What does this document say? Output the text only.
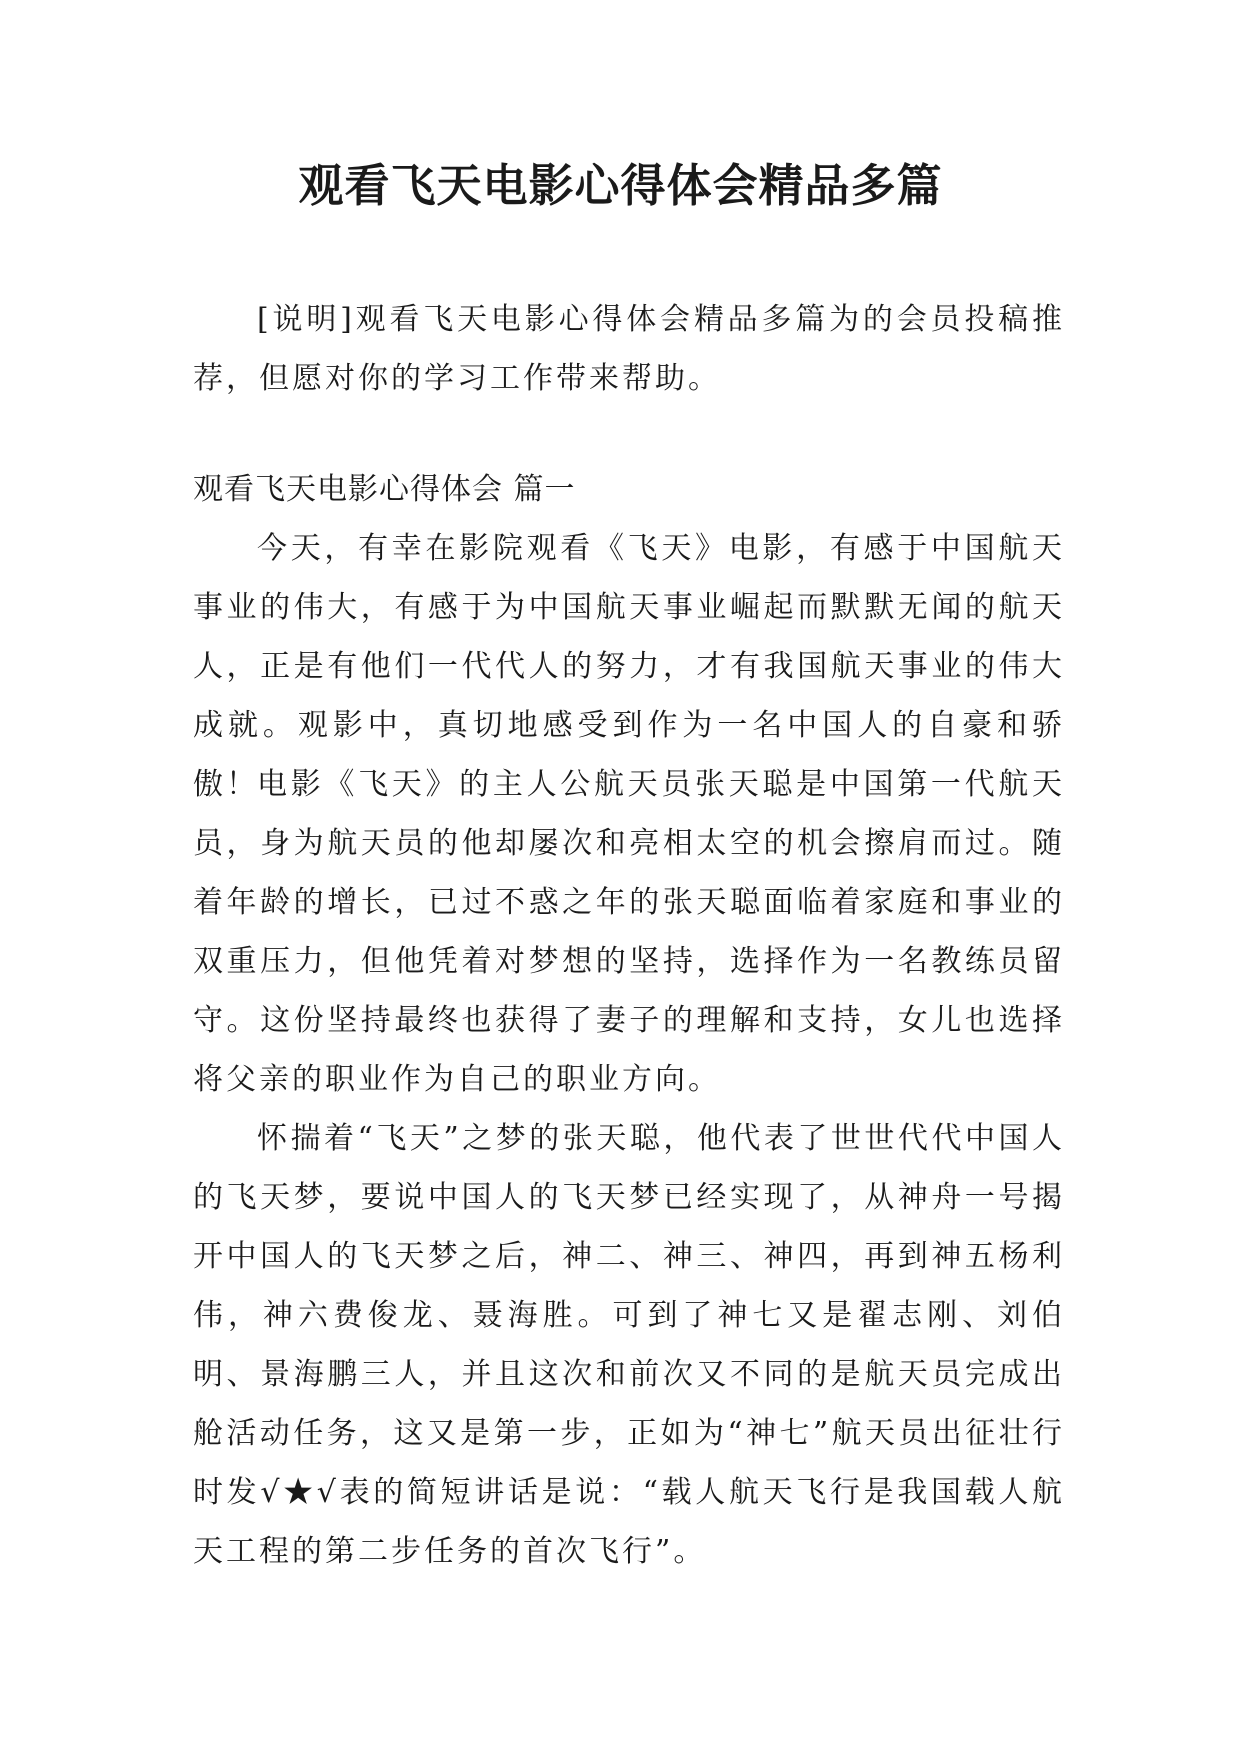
观看飞天电影心得体会精品多篇

[说明]观看飞天电影心得体会精品多篇为的会员投稿推荐，但愿对你的学习工作带来帮助。

观看飞天电影心得体会 篇一

今天，有幸在影院观看《飞天》电影，有感于中国航天事业的伟大，有感于为中国航天事业崛起而默默无闻的航天人，正是有他们一代代人的努力，才有我国航天事业的伟大成就。观影中，真切地感受到作为一名中国人的自豪和骄傲！

电影《飞天》的主人公航天员张天聪是中国第一代航天员，身为航天员的他却屡次和亮相太空的机会擦肩而过。随着年龄的增长，已过不惑之年的张天聪面临着家庭和事业的双重压力，但他凭着对梦想的坚持，选择作为一名教练员留守。这份坚持最终也获得了妻子的理解和支持，女儿也选择将父亲的职业作为自己的职业方向。

怀揣着“飞天”之梦的张天聪，他代表了世世代代中国人的飞天梦，要说中国人的飞天梦已经实现了，从神舟一号揭开中国人的飞天梦之后，神二、神三、神四，再到神五杨利伟，神六费俊龙、聂海胜。可到了神七又是翟志刚、刘伯明、景海鹏三人，并且这次和前次又不同的是航天员完成出舱活动任务，这又是第一步，正如为“神七”航天员出征壮行时发√★√表的简短讲话是说：“载人航天飞行是我国载人航天工程的第二步任务的首次飞行”。
